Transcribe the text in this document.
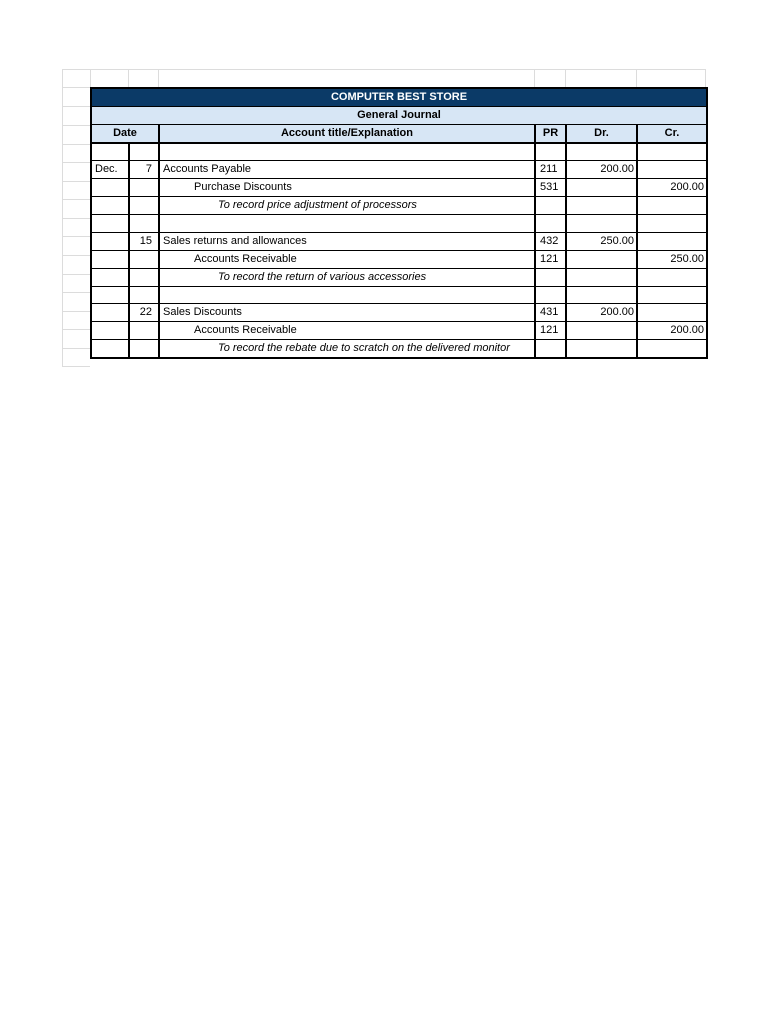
COMPUTER BEST STORE					
General Journal					
Date		Account title/Explanation	PR	Dr.	Cr.

Dec.	7	Accounts Payable	211	200.00	
		Purchase Discounts	531		200.00
		To record price adjustment of processors			

	15	Sales returns and allowances	432	250.00	
		Accounts Receivable	121		250.00
		To record the return of various accessories			

	22	Sales Discounts	431	200.00	
		Accounts Receivable	121		200.00
		To record the rebate due to scratch on the delivered monitor			
